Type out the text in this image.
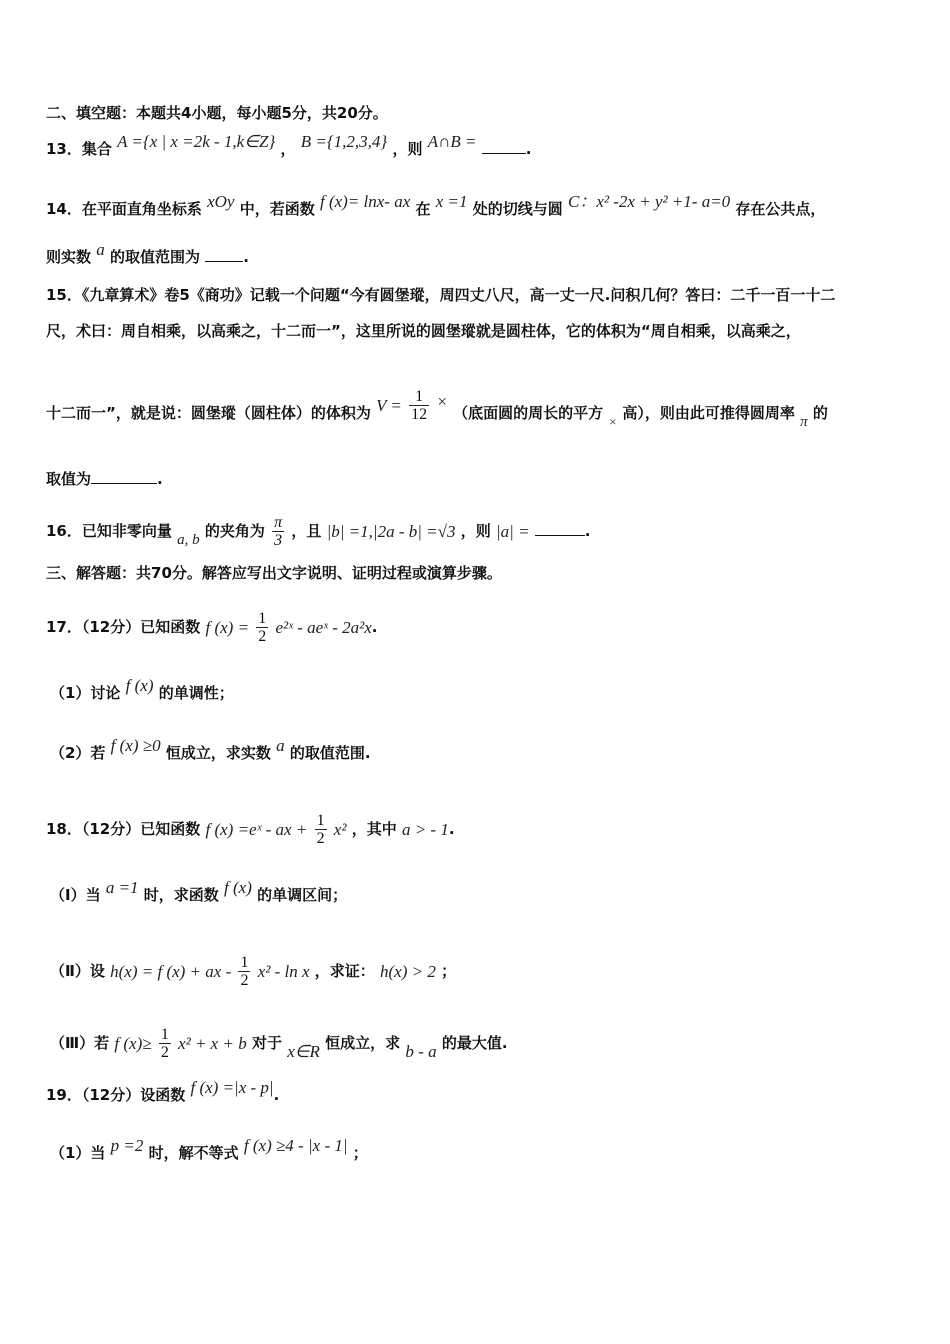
二、填空题：本题共4小题，每小题5分，共20分。
13．集合 A ={x | x =2k - 1,k∈Z} ， B ={1,2,3,4} ，则 A∩B =	.
14．在平面直角坐标系 xOy 中，若函数 f (x)= lnx- ax 在 x =1 处的切线与圆 C：x² -2x + y² +1- a=0 存在公共点，
则实数 a 的取值范围为	.
15．《九章算术》卷5《商功》记载一个问题“今有圆堡瑽，周四丈八尺，高一丈一尺.问积几何？答曰：二千一百一十二
尺，术曰：周自相乘，以高乘之，十二而一”，这里所说的圆堡瑽就是圆柱体，它的体积为“周自相乘，以高乘之，
十二而一”，就是说：圆堡瑽（圆柱体）的体积为 $V = \frac{1}{12}$ × （底面圆的周长的平方 × 高），则由此可推得圆周率 π 的
取值为	.
16．已知非零向量 a, b 的夹角为 $\frac{\pi}{3}$ ，且 |b| =1,|2a - b| =√3 ，则 |a| =	.
三、解答题：共70分。解答应写出文字说明、证明过程或演算步骤。
17．（12分）已知函数 f $(x) = \frac{1}{2}$ e²ˣ - aeˣ - 2a²x.
（1）讨论 f (x) 的单调性；
（2）若 f (x) ≥0 恒成立，求实数 a 的取值范围.
18．（12分）已知函数 f (x) =eˣ - ax + $\frac{1}{2} x^2$ ，其中 a > - 1.
（Ⅰ）当 a =1 时，求函数 f (x) 的单调区间；
（Ⅱ）设 h(x) = f (x) + ax - $\frac{1}{2} x^2$ - ln x ，求证： h(x) > 2 ；
（Ⅲ）若 f $(x)\ge \frac{1}{2} x^2 + x + b$ 对于 x∈R 恒成立，求 b - a 的最大值.
19．（12分）设函数 f (x) =|x - p|.
（1）当 p =2 时，解不等式 f (x) ≥4 - |x - 1| ；
